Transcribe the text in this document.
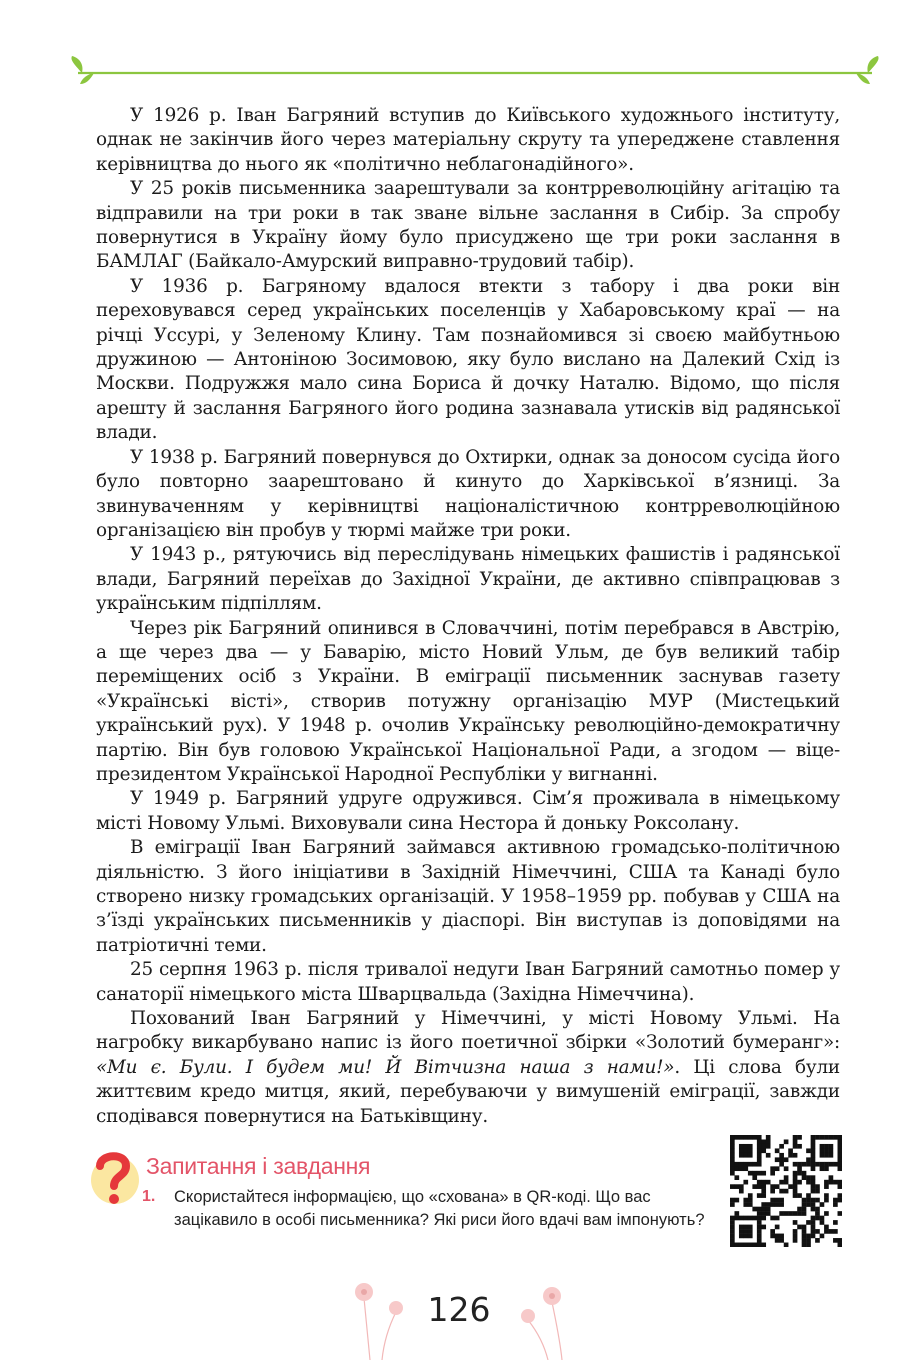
У 1926 р. Іван Багряний вступив до Київського художнього інституту, однак не закінчив його через матеріальну скруту та упереджене ставлення керівництва до нього як «політично неблагонадійного».

У 25 років письменника заарештували за контрреволюційну агітацію та відправили на три роки в так зване вільне заслання в Сибір. За спробу повернутися в Україну йому було присуджено ще три роки заслання в БАМЛАГ (Байкало-Амурский виправно-трудовий табір).

У 1936 р. Багряному вдалося втекти з табору і два роки він переховувався серед українських поселенців у Хабаровському краї — на річці Уссурі, у Зеленому Клину. Там познайомився зі своєю майбутньою дружиною — Антоніною Зосимовою, яку було вислано на Далекий Схід із Москви. Подружжя мало сина Бориса й дочку Наталю. Відомо, що після арешту й заслання Багряного його родина зазнавала утисків від радянської влади.

У 1938 р. Багряний повернувся до Охтирки, однак за доносом сусіда його було повторно заарештовано й кинуто до Харківської в’язниці. За звинуваченням у керівництві націоналістичною контрреволюційною організацією він пробув у тюрмі майже три роки.

У 1943 р., рятуючись від переслідувань німецьких фашистів і радянської влади, Багряний переїхав до Західної України, де активно співпрацював з українським підпіллям.

Через рік Багряний опинився в Словаччині, потім перебрався в Австрію, а ще через два — у Баварію, місто Новий Ульм, де був великий табір переміщених осіб з України. В еміграції письменник заснував газету «Українські вісті», створив потужну організацію МУР (Мистецький український рух). У 1948 р. очолив Українську революційно-демократичну партію. Він був головою Української Національної Ради, а згодом — віце-президентом Української Народної Республіки у вигнанні.

У 1949 р. Багряний удруге одружився. Сім’я проживала в німецькому місті Новому Ульмі. Виховували сина Нестора й доньку Роксолану.

В еміграції Іван Багряний займався активною громадсько-політичною діяльністю. З його ініціативи в Західній Німеччині, США та Канаді було створено низку громадських організацій. У 1958–1959 рр. побував у США на з’їзді українських письменників у діаспорі. Він виступав із доповідями на патріотичні теми.

25 серпня 1963 р. після тривалої недуги Іван Багряний самотньо помер у санаторії німецького міста Шварцвальда (Західна Німеччина).

Похований Іван Багряний у Німеччині, у місті Новому Ульмі. На нагробку викарбувано напис із його поетичної збірки «Золотий бумеранг»: «Ми є. Були. І будем ми! Й Вітчизна наша з нами!». Ці слова були життєвим кредо митця, який, перебуваючи у вимушеній еміграції, завжди сподівався повернутися на Батьківщину.

Запитання і завдання
1. Скористайтеся інформацією, що «схована» в QR-коді. Що вас зацікавило в особі письменника? Які риси його вдачі вам імпонують?
126
